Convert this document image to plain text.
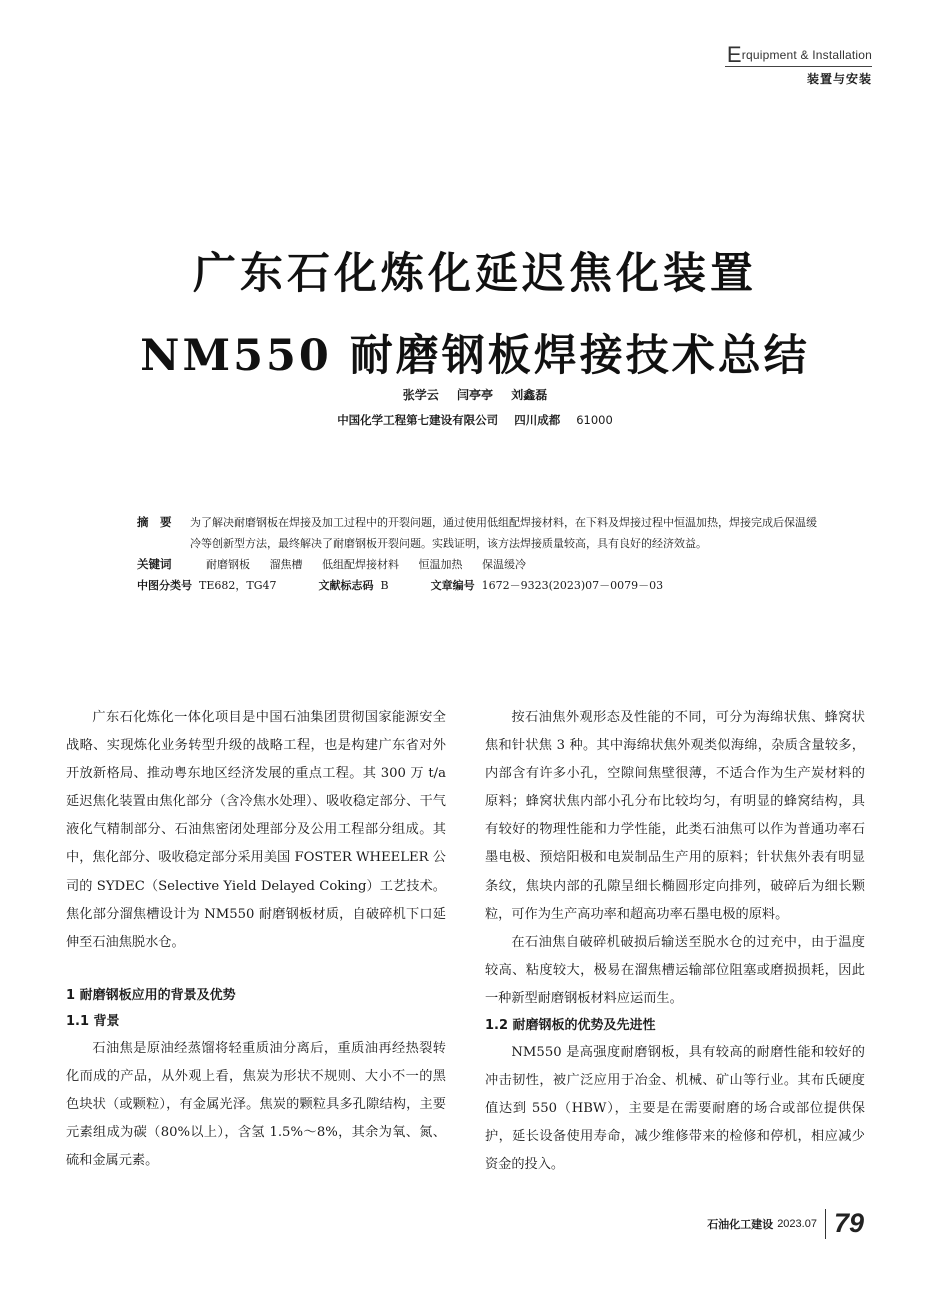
Erquipment & Installation
装置与安装
广东石化炼化延迟焦化装置
NM550 耐磨钢板焊接技术总结
张学云 闫亭亭 刘鑫磊
中国化学工程第七建设有限公司 四川成都 61000
摘　要	为了解决耐磨钢板在焊接及加工过程中的开裂问题，通过使用低组配焊接材料，在下料及焊接过程中恒温加热，焊接完成后保温缓冷等创新型方法，最终解决了耐磨钢板开裂问题。实践证明，该方法焊接质量较高，具有良好的经济效益。
关键词	耐磨钢板 溜焦槽 低组配焊接材料 恒温加热 保温缓冷
中图分类号 TE682，TG47	文献标志码 B	文章编号 1672－9323(2023)07－0079－03

广东石化炼化一体化项目是中国石油集团贯彻国家能源安全战略、实现炼化业务转型升级的战略工程，也是构建广东省对外开放新格局、推动粤东地区经济发展的重点工程。其 300 万 t/a 延迟焦化装置由焦化部分（含冷焦水处理）、吸收稳定部分、干气液化气精制部分、石油焦密闭处理部分及公用工程部分组成。其中，焦化部分、吸收稳定部分采用美国 FOSTER WHEELER 公司的 SYDEC（Selective Yield Delayed Coking）工艺技术。焦化部分溜焦槽设计为 NM550 耐磨钢板材质，自破碎机下口延伸至石油焦脱水仓。

1 耐磨钢板应用的背景及优势
1.1 背景

石油焦是原油经蒸馏将轻重质油分离后，重质油再经热裂转化而成的产品，从外观上看，焦炭为形状不规则、大小不一的黑色块状（或颗粒），有金属光泽。焦炭的颗粒具多孔隙结构，主要元素组成为碳（80%以上），含氢 1.5%～8%，其余为氧、氮、硫和金属元素。

按石油焦外观形态及性能的不同，可分为海绵状焦、蜂窝状焦和针状焦 3 种。其中海绵状焦外观类似海绵，杂质含量较多，内部含有许多小孔，空隙间焦壁很薄，不适合作为生产炭材料的原料；蜂窝状焦内部小孔分布比较均匀，有明显的蜂窝结构，具有较好的物理性能和力学性能，此类石油焦可以作为普通功率石墨电极、预焙阳极和电炭制品生产用的原料；针状焦外表有明显条纹，焦块内部的孔隙呈细长椭圆形定向排列，破碎后为细长颗粒，可作为生产高功率和超高功率石墨电极的原料。

在石油焦自破碎机破损后输送至脱水仓的过充中，由于温度较高、粘度较大，极易在溜焦槽运输部位阻塞或磨损损耗，因此一种新型耐磨钢板材料应运而生。

1.2 耐磨钢板的优势及先进性

NM550 是高强度耐磨钢板，具有较高的耐磨性能和较好的冲击韧性，被广泛应用于冶金、机械、矿山等行业。其布氏硬度值达到 550（HBW），主要是在需要耐磨的场合或部位提供保护，延长设备使用寿命，减少维修带来的检修和停机，相应减少资金的投入。

石油化工建设 2023.07 79
